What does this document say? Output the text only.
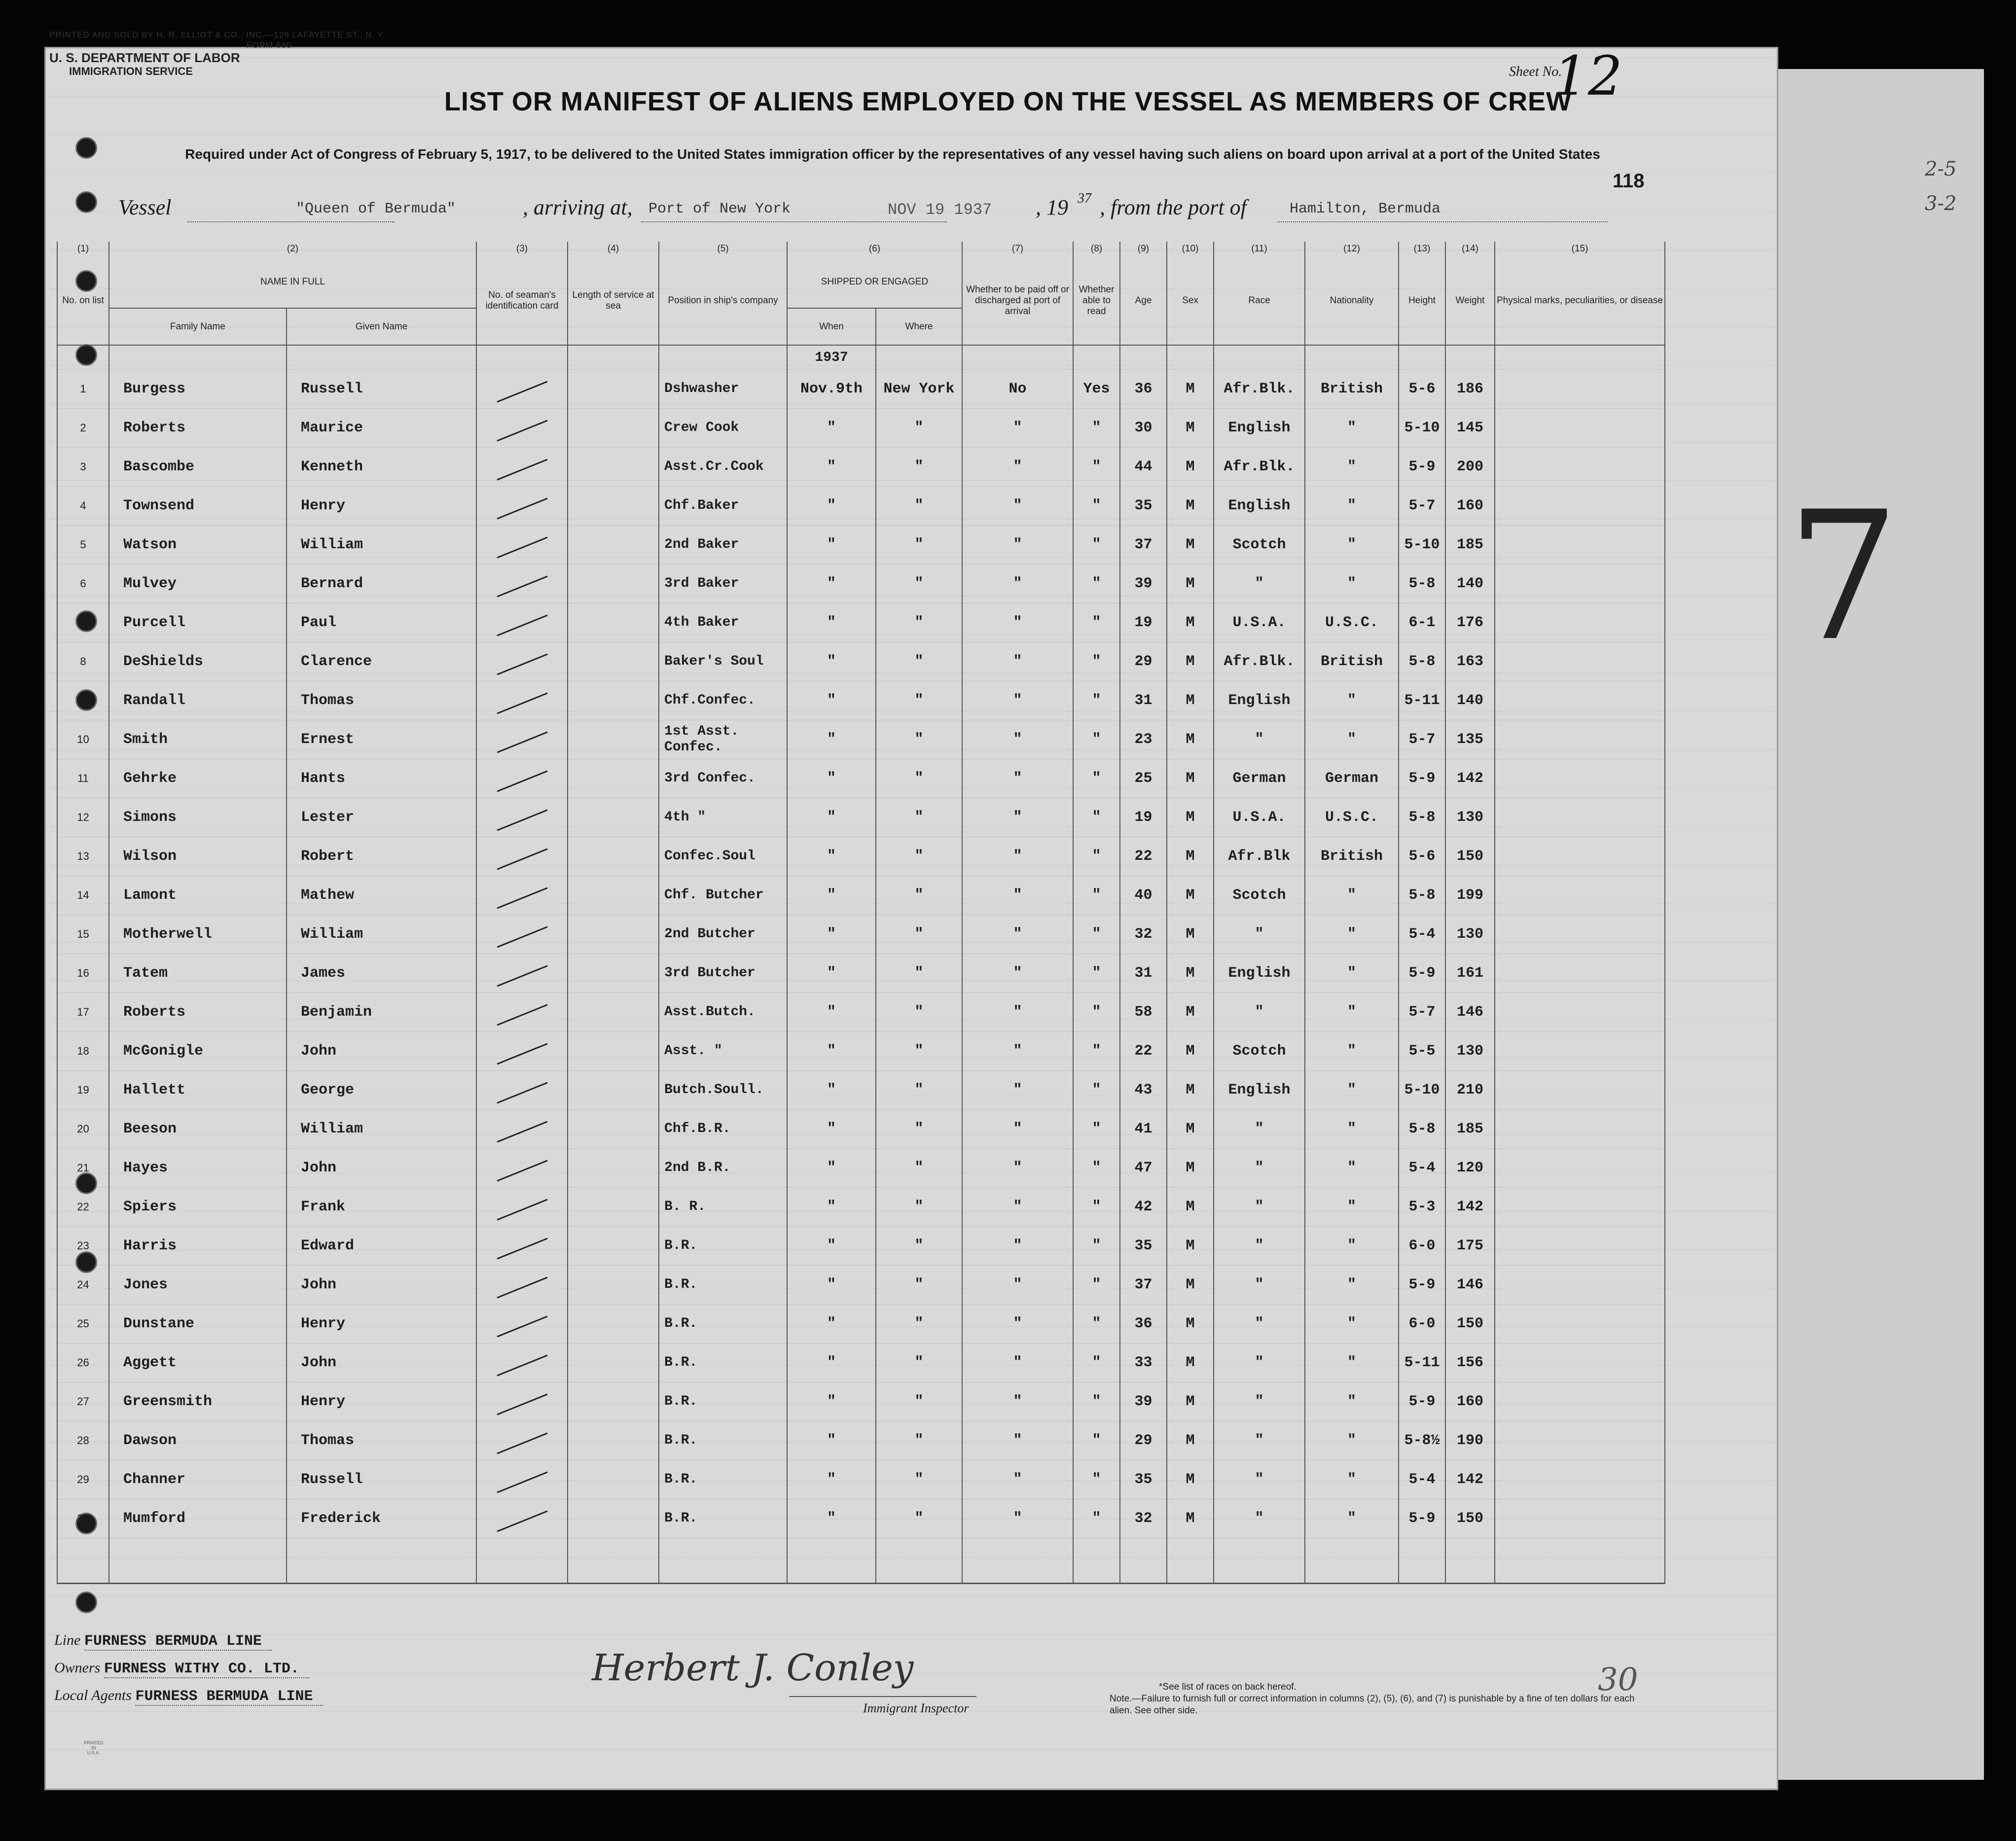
7
2-5
3-2
PRINTED AND SOLD BY H. R. ELLIOT & CO., INC.—129 LAFAYETTE ST., N. Y.
FORM 680
U. S. DEPARTMENT OF LABOR
IMMIGRATION SERVICE	Sheet No.
12
LIST OR MANIFEST OF ALIENS EMPLOYED ON THE VESSEL AS MEMBERS OF CREW
Required under Act of Congress of February 5, 1917, to be delivered to the United States immigration officer by the representatives of any vessel having such aliens on board upon arrival at a port of the United States
118
Vessel	"Queen of Bermuda"	, arriving at, Port of New York	NOV 19 1937 , 19 37 , from the port of	Hamilton, Bermuda
(1)	(2)		(3)	(4)	(5)	(6)		(7)	(8)	(9)	(10)	(11)	(12)	(13)	(14)	(15)
No. on list	NAME IN FULL		No. of seaman's identification card	Length of service at sea	Position in ship's company	SHIPPED OR ENGAGED		Whether to be paid off or discharged at port of arrival	Whether able to read	Age	Sex	Race	Nationality	Height	Weight	Physical marks, peculiarities, or disease
	Family Name	Given Name				When	Where									
						1937										
1	Burgess	Russell			Dshwasher	Nov.9th	New York	No	Yes	36	M	Afr.Blk.	British	5-6	186	
2	Roberts	Maurice			Crew Cook	"	"	"	"	30	M	English	"	5-10	145	
3	Bascombe	Kenneth			Asst.Cr.Cook	"	"	"	"	44	M	Afr.Blk.	"	5-9	200	
4	Townsend	Henry			Chf.Baker	"	"	"	"	35	M	English	"	5-7	160	
5	Watson	William			2nd Baker	"	"	"	"	37	M	Scotch	"	5-10	185	
6	Mulvey	Bernard			3rd Baker	"	"	"	"	39	M	"	"	5-8	140	
7	Purcell	Paul			4th Baker	"	"	"	"	19	M	U.S.A.	U.S.C.	6-1	176	
8	DeShields	Clarence			Baker's Soul	"	"	"	"	29	M	Afr.Blk.	British	5-8	163	
9	Randall	Thomas			Chf.Confec.	"	"	"	"	31	M	English	"	5-11	140	
10	Smith	Ernest			1st Asst. Confec.	"	"	"	"	23	M	"	"	5-7	135	
11	Gehrke	Hants			3rd Confec.	"	"	"	"	25	M	German	German	5-9	142	
12	Simons	Lester			4th "	"	"	"	"	19	M	U.S.A.	U.S.C.	5-8	130	
13	Wilson	Robert			Confec.Soul	"	"	"	"	22	M	Afr.Blk	British	5-6	150	
14	Lamont	Mathew			Chf. Butcher	"	"	"	"	40	M	Scotch	"	5-8	199	
15	Motherwell	William			2nd Butcher	"	"	"	"	32	M	"	"	5-4	130	
16	Tatem	James			3rd Butcher	"	"	"	"	31	M	English	"	5-9	161	
17	Roberts	Benjamin			Asst.Butch.	"	"	"	"	58	M	"	"	5-7	146	
18	McGonigle	John			Asst. "	"	"	"	"	22	M	Scotch	"	5-5	130	
19	Hallett	George			Butch.Soull.	"	"	"	"	43	M	English	"	5-10	210	
20	Beeson	William			Chf.B.R.	"	"	"	"	41	M	"	"	5-8	185	
21	Hayes	John			2nd B.R.	"	"	"	"	47	M	"	"	5-4	120	
22	Spiers	Frank			B. R.	"	"	"	"	42	M	"	"	5-3	142	
23	Harris	Edward			B.R.	"	"	"	"	35	M	"	"	6-0	175	
24	Jones	John			B.R.	"	"	"	"	37	M	"	"	5-9	146	
25	Dunstane	Henry			B.R.	"	"	"	"	36	M	"	"	6-0	150	
26	Aggett	John			B.R.	"	"	"	"	33	M	"	"	5-11	156	
27	Greensmith	Henry			B.R.	"	"	"	"	39	M	"	"	5-9	160	
28	Dawson	Thomas			B.R.	"	"	"	"	29	M	"	"	5-8½	190	
29	Channer	Russell			B.R.	"	"	"	"	35	M	"	"	5-4	142	
30	Mumford	Frederick			B.R.	"	"	"	"	32	M	"	"	5-9	150	

Line FURNESS BERMUDA LINE
Owners FURNESS WITHY CO. LTD.
Local Agents FURNESS BERMUDA LINE
Herbert J. Conley
Immigrant Inspector
*See list of races on back hereof.
Note.—Failure to furnish full or correct information in columns (2), (5), (6), and (7) is punishable by a fine of ten dollars for each alien. See other side.
30
PRINTED
IN
U.S.A.
